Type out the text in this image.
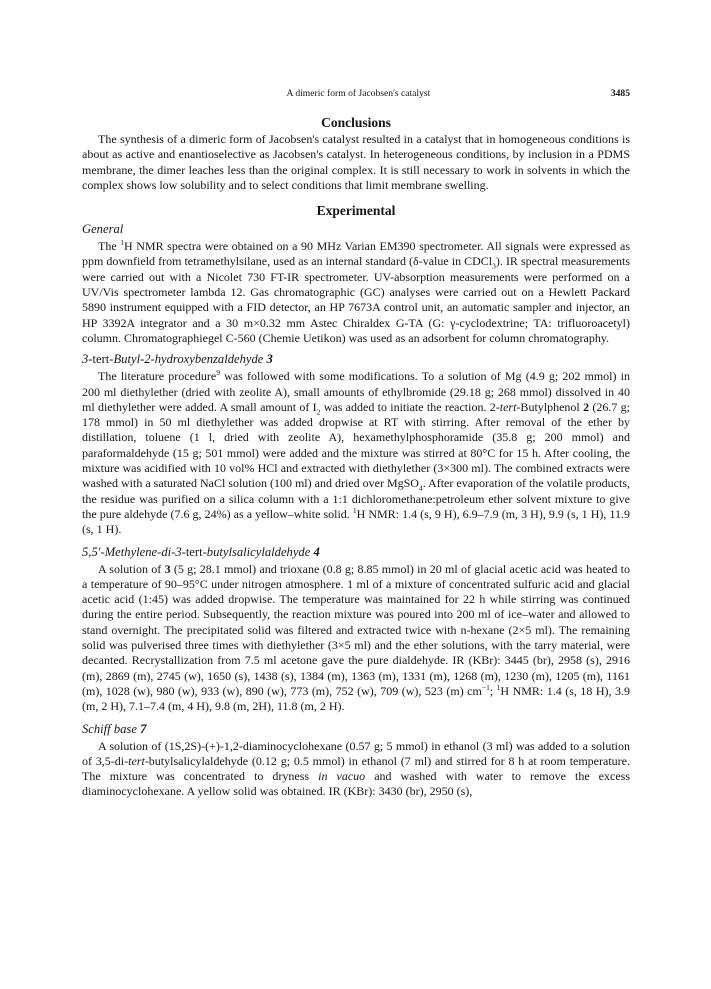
A dimeric form of Jacobsen's catalyst	3485
Conclusions

The synthesis of a dimeric form of Jacobsen's catalyst resulted in a catalyst that in homogeneous conditions is about as active and enantioselective as Jacobsen's catalyst. In heterogeneous conditions, by inclusion in a PDMS membrane, the dimer leaches less than the original complex. It is still necessary to work in solvents in which the complex shows low solubility and to select conditions that limit membrane swelling.

Experimental
General

The $^1$H NMR spectra were obtained on a 90 MHz Varian EM390 spectrometer. All signals were expressed as ppm downfield from tetramethylsilane, used as an internal standard (δ-value in CDCl$_3$). IR spectral measurements were carried out with a Nicolet 730 FT-IR spectrometer. UV-absorption measurements were performed on a UV/Vis spectrometer lambda 12. Gas chromatographic (GC) analyses were carried out on a Hewlett Packard 5890 instrument equipped with a FID detector, an HP 7673A control unit, an automatic sampler and injector, an HP 3392A integrator and a 30 m×0.32 mm Astec Chiraldex G-TA (G: γ-cyclodextrine; TA: trifluoroacetyl) column. Chromatographiegel C-560 (Chemie Uetikon) was used as an adsorbent for column chromatography.

3-tert-Butyl-2-hydroxybenzaldehyde 3

The literature procedure$^9$ was followed with some modifications. To a solution of Mg (4.9 g; 202 mmol) in 200 ml diethylether (dried with zeolite A), small amounts of ethylbromide (29.18 g; 268 mmol) dissolved in 40 ml diethylether were added. A small amount of $I_2$ was added to initiate the reaction. 2-tert-Butylphenol 2 (26.7 g; 178 mmol) in 50 ml diethylether was added dropwise at RT with stirring. After removal of the ether by distillation, toluene (1 l, dried with zeolite A), hexamethylphosphoramide (35.8 g; 200 mmol) and paraformaldehyde (15 g; 501 mmol) were added and the mixture was stirred at 80°C for 15 h. After cooling, the mixture was acidified with 10 vol% HCl and extracted with diethylether (3×300 ml). The combined extracts were washed with a saturated NaCl solution (100 ml) and dried over MgSO$_4$. After evaporation of the volatile products, the residue was purified on a silica column with a 1:1 dichloromethane:petroleum ether solvent mixture to give the pure aldehyde (7.6 g, 24%) as a yellow–white solid. $^1$H NMR: 1.4 (s, 9 H), 6.9–7.9 (m, 3 H), 9.9 (s, 1 H), 11.9 (s, 1 H).

5,5′-Methylene-di-3-tert-butylsalicylaldehyde 4

A solution of 3 (5 g; 28.1 mmol) and trioxane (0.8 g; 8.85 mmol) in 20 ml of glacial acetic acid was heated to a temperature of 90–95°C under nitrogen atmosphere. 1 ml of a mixture of concentrated sulfuric acid and glacial acetic acid (1:45) was added dropwise. The temperature was maintained for 22 h while stirring was continued during the entire period. Subsequently, the reaction mixture was poured into 200 ml of ice–water and allowed to stand overnight. The precipitated solid was filtered and extracted twice with n-hexane (2×5 ml). The remaining solid was pulverised three times with diethylether (3×5 ml) and the ether solutions, with the tarry material, were decanted. Recrystallization from 7.5 ml acetone gave the pure dialdehyde. IR (KBr): 3445 (br), 2958 (s), 2916 (m), 2869 (m), 2745 (w), 1650 (s), 1438 (s), 1384 (m), 1363 (m), 1331 (m), 1268 (m), 1230 (m), 1205 (m), 1161 (m), 1028 (w), 980 (w), 933 (w), 890 (w), 773 (m), 752 (w), 709 (w), 523 (m) $cm^{-1}$; $^1$H NMR: 1.4 (s, 18 H), 3.9 (m, 2 H), 7.1–7.4 (m, 4 H), 9.8 (m, 2H), 11.8 (m, 2 H).

Schiff base 7

A solution of (1S,2S)-(+)-1,2-diaminocyclohexane (0.57 g; 5 mmol) in ethanol (3 ml) was added to a solution of 3,5-di-tert-butylsalicylaldehyde (0.12 g; 0.5 mmol) in ethanol (7 ml) and stirred for 8 h at room temperature. The mixture was concentrated to dryness in vacuo and washed with water to remove the excess diaminocyclohexane. A yellow solid was obtained. IR (KBr): 3430 (br), 2950 (s),
